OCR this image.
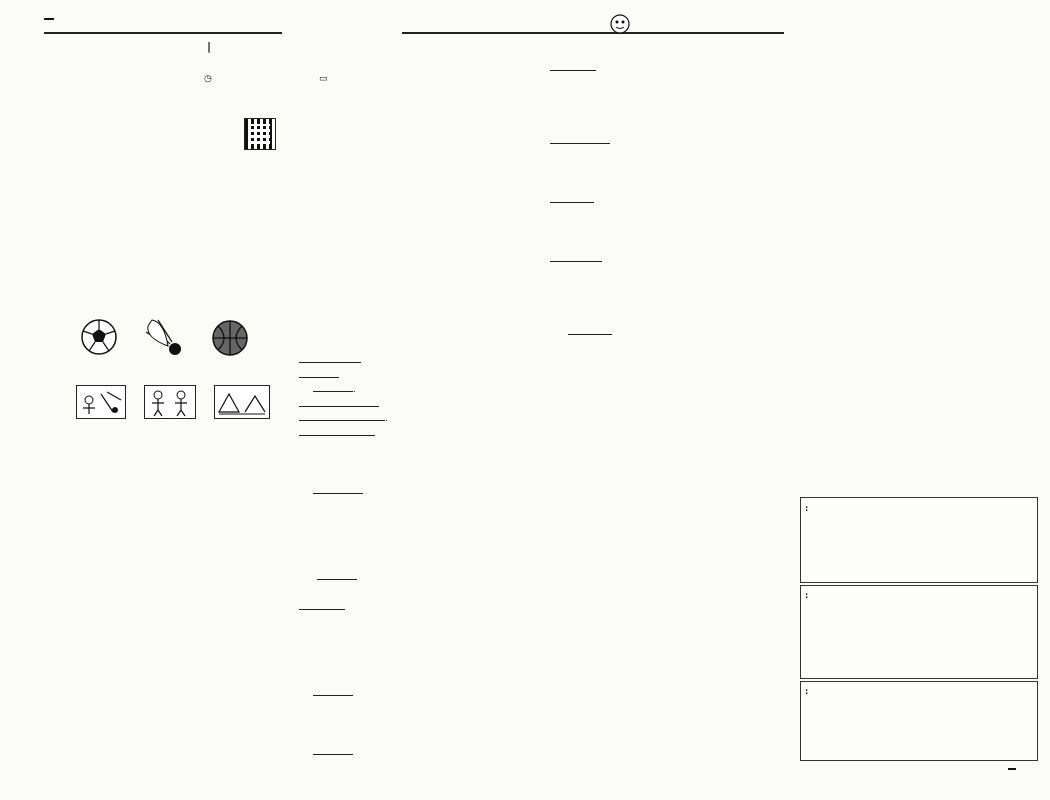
|
◷	▭
.
.
:
:
:
